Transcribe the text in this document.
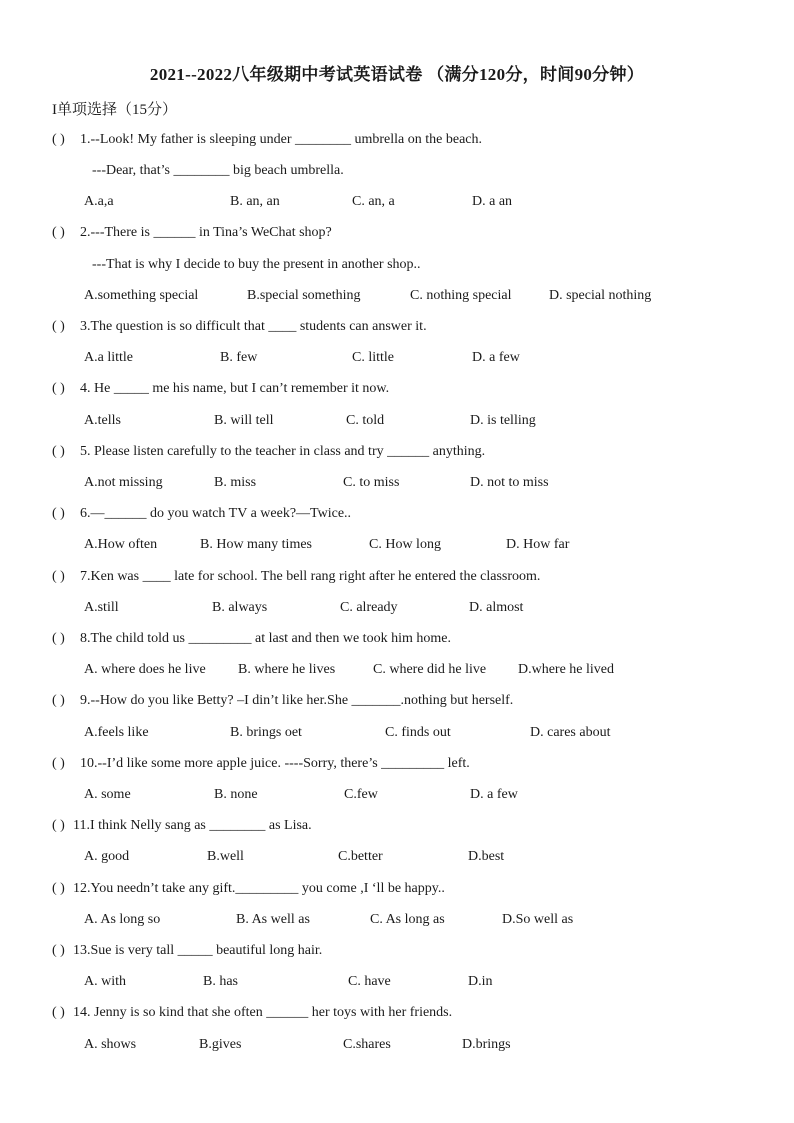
2021--2022八年级期中考试英语试卷 （满分120分，时间90分钟）
I单项选择（15分）
( ) 1.--Look! My father is sleeping under ________ umbrella on the beach.
---Dear, that’s ________ big beach umbrella.
A.a,a	B. an, an	C. an, a	D. a an
( ) 2.---There is ______ in Tina’s WeChat shop?
---That is why I decide to buy the present in another shop..
A.something special	B.special something	C. nothing special	D. special nothing
( ) 3.The question is so difficult that ____ students can answer it.
A.a little	B. few	C. little	D. a few
( ) 4. He _____ me his name, but I can’t remember it now.
A.tells	B. will tell	C. told	D. is telling
( ) 5. Please listen carefully to the teacher in class and try ______ anything.
A.not missing	B. miss	C. to miss	D. not to miss
( ) 6.—______ do you watch TV a week?—Twice..
A.How often	B. How many times	C. How long	D. How far
( ) 7.Ken was ____ late for school. The bell rang right after he entered the classroom.
A.still	B. always	C. already	D. almost
( ) 8.The child told us _________ at last and then we took him home.
A. where does he live B. where he lives	C. where did he live D.where he lived
( ) 9.--How do you like Betty? –I din’t like her.She _______.nothing but herself.
A.feels like	B. brings oet	C. finds out	D. cares about
( ) 10.--I’d like some more apple juice. ----Sorry, there’s _________ left.
A. some	B. none	C.few	D. a few
( ) 11.I think Nelly sang as ________ as Lisa.
A. good	B.well	C.better	D.best
( ) 12.You needn’t take any gift._________ you come ,I ‘ll be happy..
A. As long so	B. As well as	C. As long as	D.So well as
( ) 13.Sue is very tall _____ beautiful long hair.
A. with	B. has	C. have	D.in
( ) 14. Jenny is so kind that she often ______ her toys with her friends.
A. shows	B.gives	C.shares	D.brings
